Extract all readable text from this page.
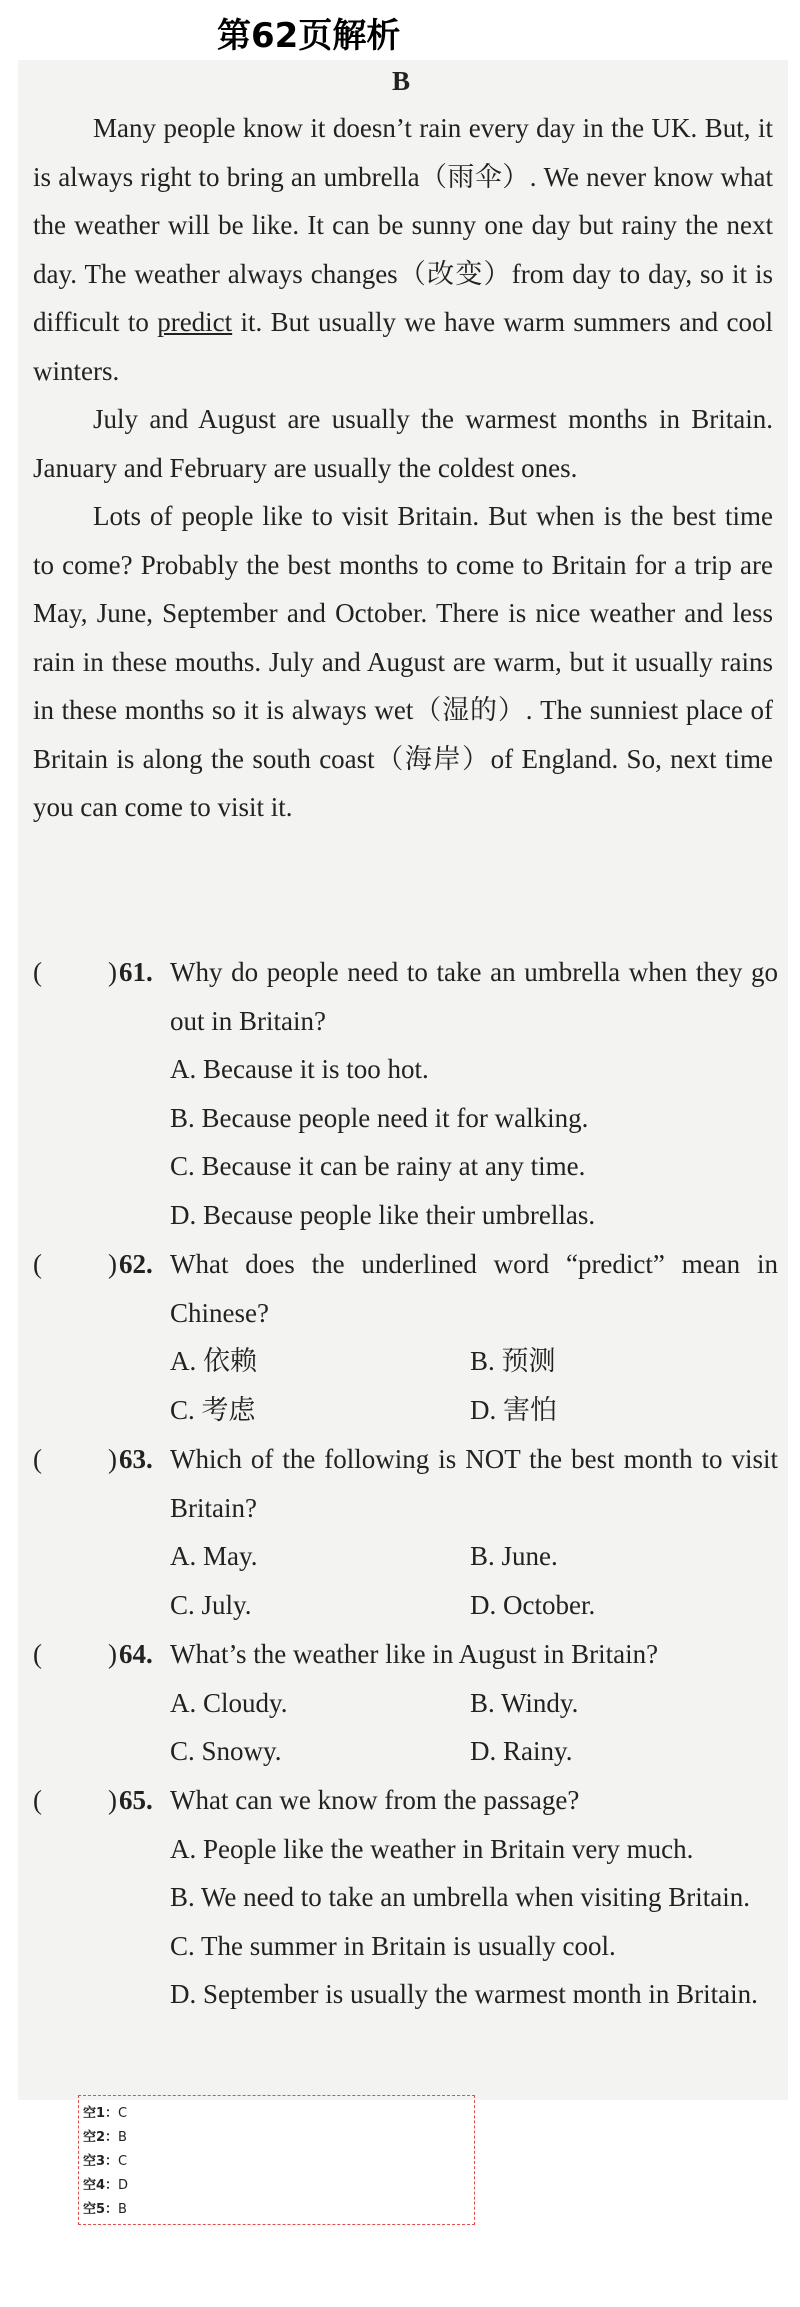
第62页解析
B

Many people know it doesn’t rain every day in the UK. But, it is always right to bring an umbrella（雨伞）. We never know what the weather will be like. It can be sunny one day but rainy the next day. The weather always changes（改变）from day to day, so it is difficult to predict it. But usually we have warm summers and cool winters.

July and August are usually the warmest months in Britain. January and February are usually the coldest ones.

Lots of people like to visit Britain. But when is the best time to come? Probably the best months to come to Britain for a trip are May, June, September and October. There is nice weather and less rain in these mouths. July and August are warm, but it usually rains in these months so it is always wet（湿的）. The sunniest place of Britain is along the south coast（海岸）of England. So, next time you can come to visit it.

( ) 61. Why do people need to take an umbrella when they go out in Britain?
A. Because it is too hot.
B. Because people need it for walking.
C. Because it can be rainy at any time.
D. Because people like their umbrellas.
( ) 62. What does the underlined word “predict” mean in Chinese?
A. 依赖	B. 预测
C. 考虑	D. 害怕
( ) 63. Which of the following is NOT the best month to visit Britain?
A. May.	B. June.
C. July.	D. October.
( ) 64. What’s the weather like in August in Britain?
A. Cloudy.	B. Windy.
C. Snowy.	D. Rainy.
( ) 65. What can we know from the passage?
A. People like the weather in Britain very much.
B. We need to take an umbrella when visiting Britain.
C. The summer in Britain is usually cool.
D. September is usually the warmest month in Britain.
空1：C
空2：B
空3：C
空4：D
空5：B
